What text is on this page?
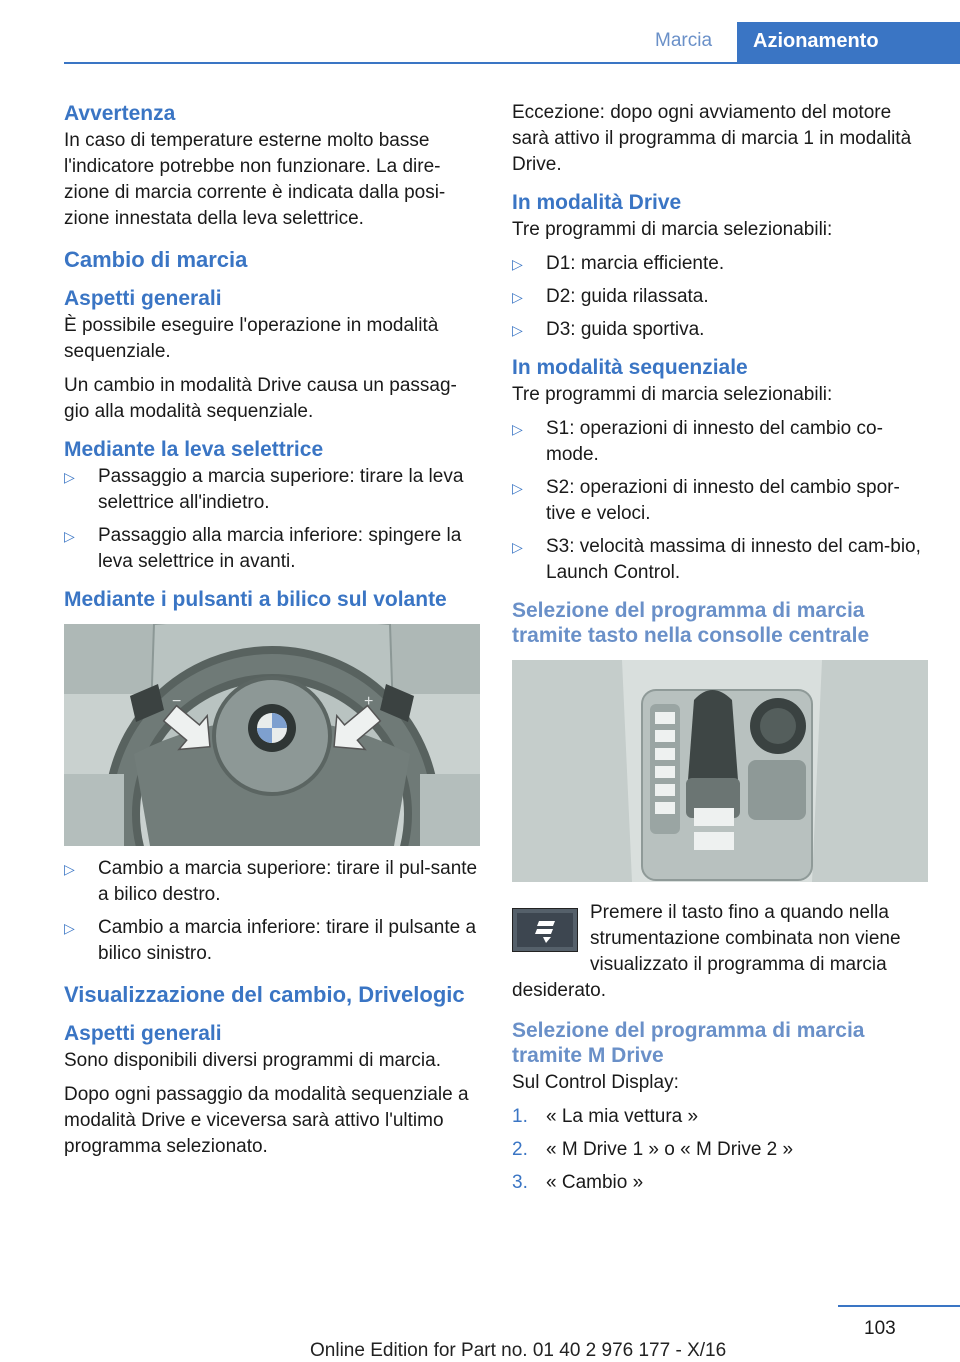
Marcia Azionamento
Avvertenza

In caso di temperature esterne molto basse l'indicatore potrebbe non funzionare. La dire-zione di marcia corrente è indicata dalla posi-zione innestata della leva selettrice.

Cambio di marcia
Aspetti generali

È possibile eseguire l'operazione in modalità sequenziale.

Un cambio in modalità Drive causa un passag-gio alla modalità sequenziale.

Mediante la leva selettrice
▷ Passaggio a marcia superiore: tirare la leva selettrice all'indietro.
▷ Passaggio alla marcia inferiore: spingere la leva selettrice in avanti.
Mediante i pulsanti a bilico sul volante
−	+
▷ Cambio a marcia superiore: tirare il pul-sante a bilico destro.
▷ Cambio a marcia inferiore: tirare il pulsante a bilico sinistro.
Visualizzazione del cambio, Drivelogic
Aspetti generali

Sono disponibili diversi programmi di marcia.

Dopo ogni passaggio da modalità sequenziale a modalità Drive e viceversa sarà attivo l'ultimo programma selezionato.

Eccezione: dopo ogni avviamento del motore sarà attivo il programma di marcia 1 in modalità Drive.

In modalità Drive

Tre programmi di marcia selezionabili:

▷ D1: marcia efficiente.
▷ D2: guida rilassata.
▷ D3: guida sportiva.
In modalità sequenziale

Tre programmi di marcia selezionabili:

▷ S1: operazioni di innesto del cambio co-mode.
▷ S2: operazioni di innesto del cambio spor-tive e veloci.
▷ S3: velocità massima di innesto del cam-bio, Launch Control.
Selezione del programma di marcia tramite tasto nella consolle centrale
Premere il tasto fino a quando nella strumentazione combinata non viene visualizzato il programma di marcia desiderato.
Selezione del programma di marcia tramite M Drive

Sul Control Display:

1. « La mia vettura »
2. « M Drive 1 » o « M Drive 2 »
3. « Cambio »
103
Online Edition for Part no. 01 40 2 976 177 - X/16
